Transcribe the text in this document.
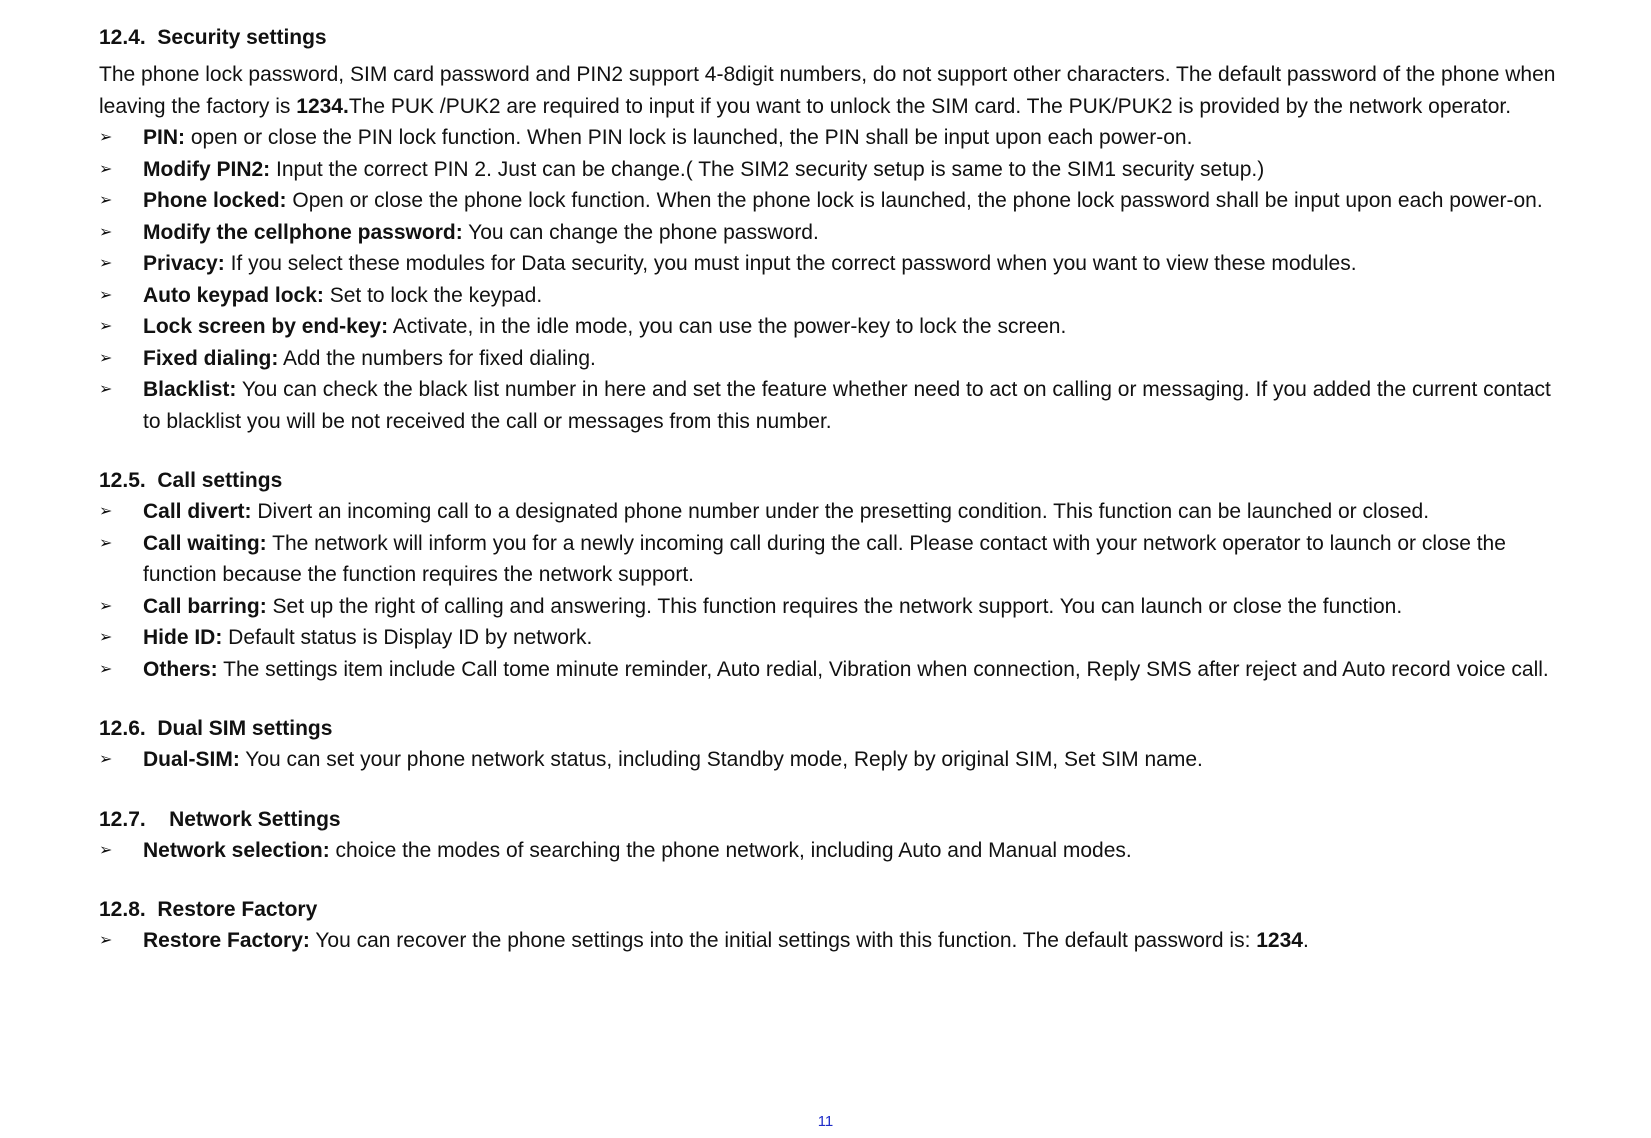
12.4. Security settings

The phone lock password, SIM card password and PIN2 support 4-8digit numbers, do not support other characters. The default password of the phone when leaving the factory is 1234.The PUK /PUK2 are required to input if you want to unlock the SIM card. The PUK/PUK2 is provided by the network operator.

➢ PIN: open or close the PIN lock function. When PIN lock is launched, the PIN shall be input upon each power-on.
➢ Modify PIN2: Input the correct PIN 2. Just can be change.( The SIM2 security setup is same to the SIM1 security setup.)
➢ Phone locked: Open or close the phone lock function. When the phone lock is launched, the phone lock password shall be input upon each power-on.
➢ Modify the cellphone password: You can change the phone password.
➢ Privacy: If you select these modules for Data security, you must input the correct password when you want to view these modules.
➢ Auto keypad lock: Set to lock the keypad.
➢ Lock screen by end-key: Activate, in the idle mode, you can use the power-key to lock the screen.
➢ Fixed dialing: Add the numbers for fixed dialing.
➢ Blacklist: You can check the black list number in here and set the feature whether need to act on calling or messaging. If you added the current contact to blacklist you will be not received the call or messages from this number.
12.5. Call settings
➢ Call divert: Divert an incoming call to a designated phone number under the presetting condition. This function can be launched or closed.
➢ Call waiting: The network will inform you for a newly incoming call during the call. Please contact with your network operator to launch or close the function because the function requires the network support.
➢ Call barring: Set up the right of calling and answering. This function requires the network support. You can launch or close the function.
➢ Hide ID: Default status is Display ID by network.
➢ Others: The settings item include Call tome minute reminder, Auto redial, Vibration when connection, Reply SMS after reject and Auto record voice call.
12.6. Dual SIM settings
➢ Dual-SIM: You can set your phone network status, including Standby mode, Reply by original SIM, Set SIM name.
12.7. Network Settings
➢ Network selection: choice the modes of searching the phone network, including Auto and Manual modes.
12.8. Restore Factory
➢ Restore Factory: You can recover the phone settings into the initial settings with this function. The default password is: 1234.
11
